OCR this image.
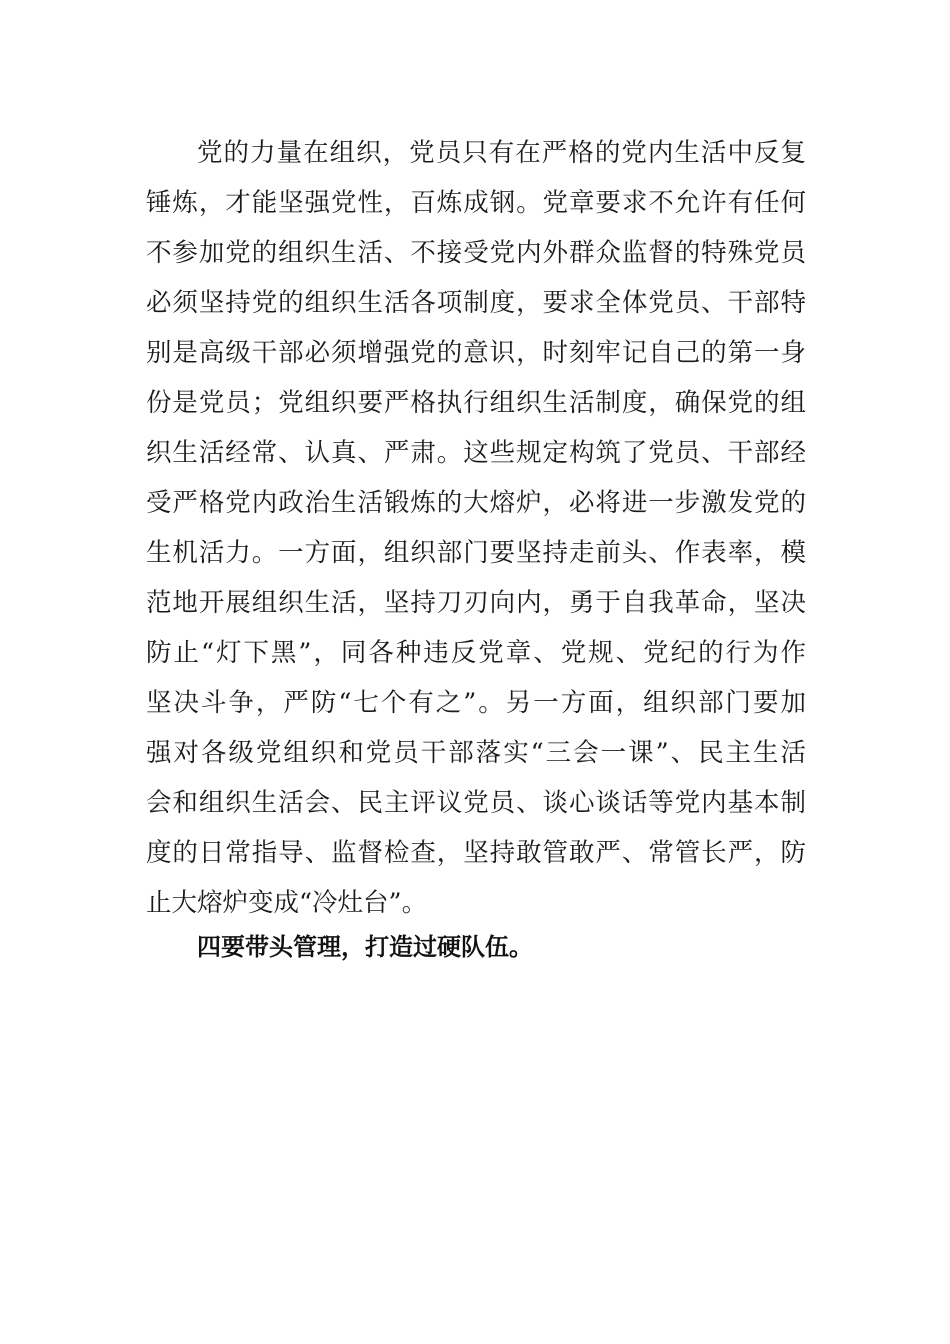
党的力量在组织，党员只有在严格的党内生活中反复
锤炼，才能坚强党性，百炼成钢。党章要求不允许有任何
不参加党的组织生活、不接受党内外群众监督的特殊党员
必须坚持党的组织生活各项制度，要求全体党员、干部特
别是高级干部必须增强党的意识，时刻牢记自己的第一身
份是党员；党组织要严格执行组织生活制度，确保党的组
织生活经常、认真、严肃。这些规定构筑了党员、干部经
受严格党内政治生活锻炼的大熔炉，必将进一步激发党的
生机活力。一方面，组织部门要坚持走前头、作表率，模
范地开展组织生活，坚持刀刃向内，勇于自我革命，坚决
防止“灯下黑”，同各种违反党章、党规、党纪的行为作
坚决斗争，严防“七个有之”。另一方面，组织部门要加
强对各级党组织和党员干部落实“三会一课”、民主生活
会和组织生活会、民主评议党员、谈心谈话等党内基本制
度的日常指导、监督检查，坚持敢管敢严、常管长严，防
止大熔炉变成“冷灶台”。

四要带头管理，打造过硬队伍。
